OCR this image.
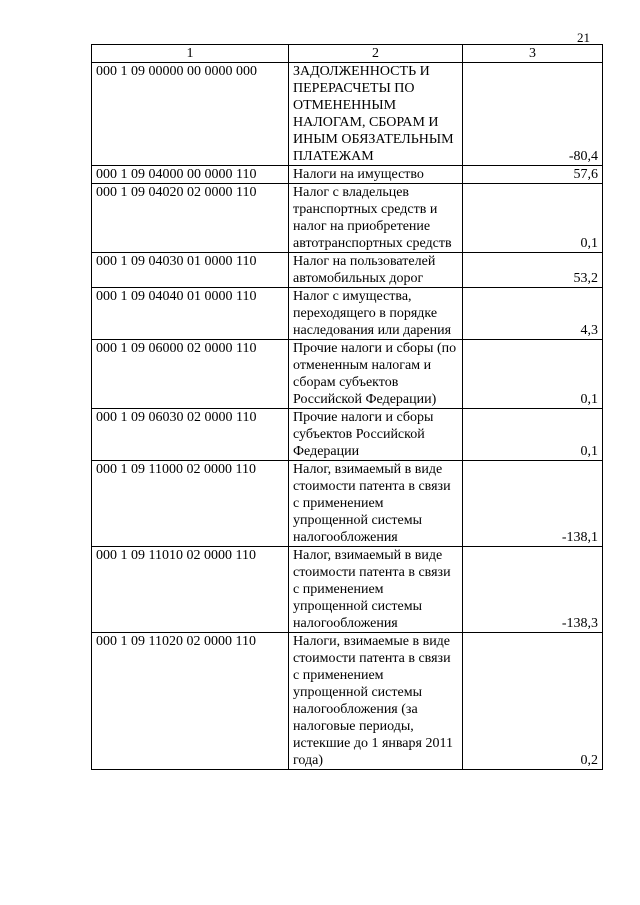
21
1	2	3
000 1 09 00000 00 0000 000	ЗАДОЛЖЕННОСТЬ И ПЕРЕРАСЧЕТЫ ПО ОТМЕНЕННЫМ НАЛОГАМ, СБОРАМ И ИНЫМ ОБЯЗАТЕЛЬНЫМ ПЛАТЕЖАМ	-80,4
000 1 09 04000 00 0000 110	Налоги на имущество	57,6
000 1 09 04020 02 0000 110	Налог с владельцев транспортных средств и налог на приобретение автотранспортных средств	0,1
000 1 09 04030 01 0000 110	Налог на пользователей автомобильных дорог	53,2
000 1 09 04040 01 0000 110	Налог с имущества, переходящего в порядке наследования или дарения	4,3
000 1 09 06000 02 0000 110	Прочие налоги и сборы (по отмененным налогам и сборам субъектов Российской Федерации)	0,1
000 1 09 06030 02 0000 110	Прочие налоги и сборы субъектов Российской Федерации	0,1
000 1 09 11000 02 0000 110	Налог, взимаемый в виде стоимости патента в связи с применением упрощенной системы налогообложения	-138,1
000 1 09 11010 02 0000 110	Налог, взимаемый в виде стоимости патента в связи с применением упрощенной системы налогообложения	-138,3
000 1 09 11020 02 0000 110	Налоги, взимаемые в виде стоимости патента в связи с применением упрощенной системы налогообложения (за налоговые периоды, истекшие до 1 января 2011 года)	0,2
